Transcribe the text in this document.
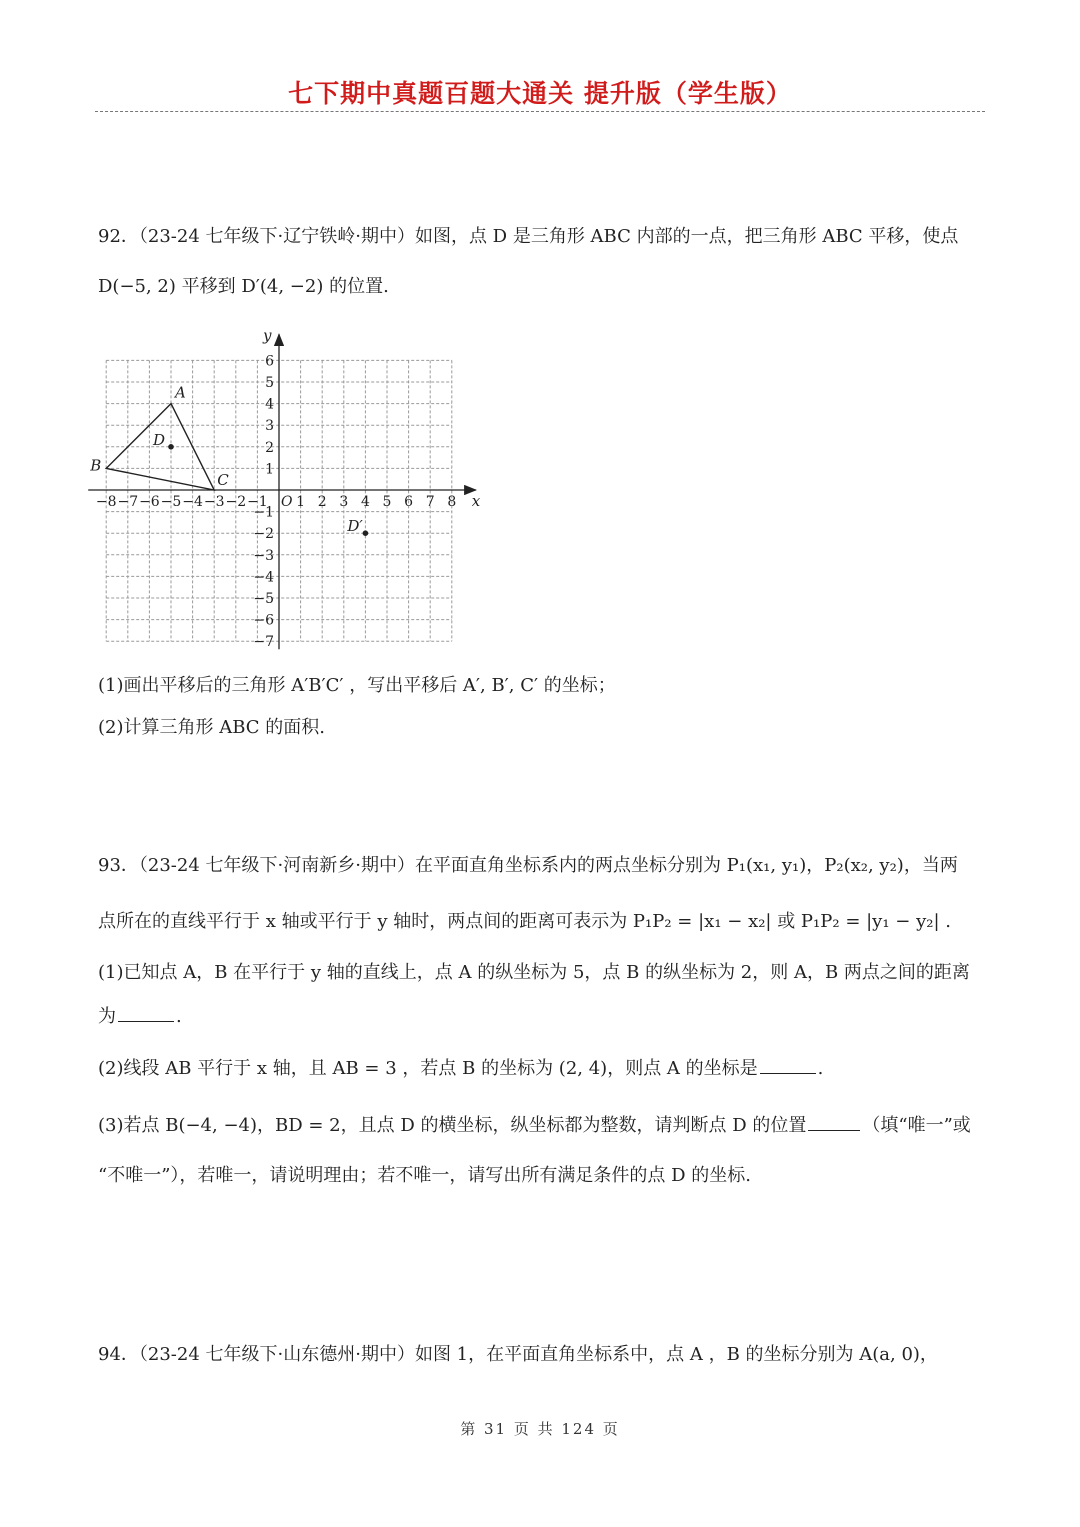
七下期中真题百题大通关 提升版（学生版）
92．（23-24 七年级下·辽宁铁岭·期中）如图，点 D 是三角形 ABC 内部的一点，把三角形 ABC 平移，使点
D(−5, 2) 平移到 D′(4, −2) 的位置.
x
y
O
−8 −7 −6 −5 −4 −3 −2 −1 1 2 3 4 5 6 7 8
6
5
4
3
2
1
−1
−2
−3
−4
−5
−6
−7
A
B
C
D
D′
(1)画出平移后的三角形 A′B′C′ ，写出平移后 A′, B′, C′ 的坐标；
(2)计算三角形 ABC 的面积.
93．（23-24 七年级下·河南新乡·期中）在平面直角坐标系内的两点坐标分别为 P₁(x₁, y₁)，P₂(x₂, y₂)，当两
点所在的直线平行于 x 轴或平行于 y 轴时，两点间的距离可表示为 P₁P₂ = |x₁ − x₂| 或 P₁P₂ = |y₁ − y₂| .
(1)已知点 A，B 在平行于 y 轴的直线上，点 A 的纵坐标为 5，点 B 的纵坐标为 2，则 A，B 两点之间的距离
为	.
(2)线段 AB 平行于 x 轴，且 AB = 3 ，若点 B 的坐标为 (2, 4)，则点 A 的坐标是	.
(3)若点 B(−4, −4)，BD = 2，且点 D 的横坐标，纵坐标都为整数，请判断点 D 的位置	（填“唯一”或
“不唯一”），若唯一，请说明理由；若不唯一，请写出所有满足条件的点 D 的坐标.
94．（23-24 七年级下·山东德州·期中）如图 1，在平面直角坐标系中，点 A ，B 的坐标分别为 A(a, 0)，
第 31 页 共 124 页
